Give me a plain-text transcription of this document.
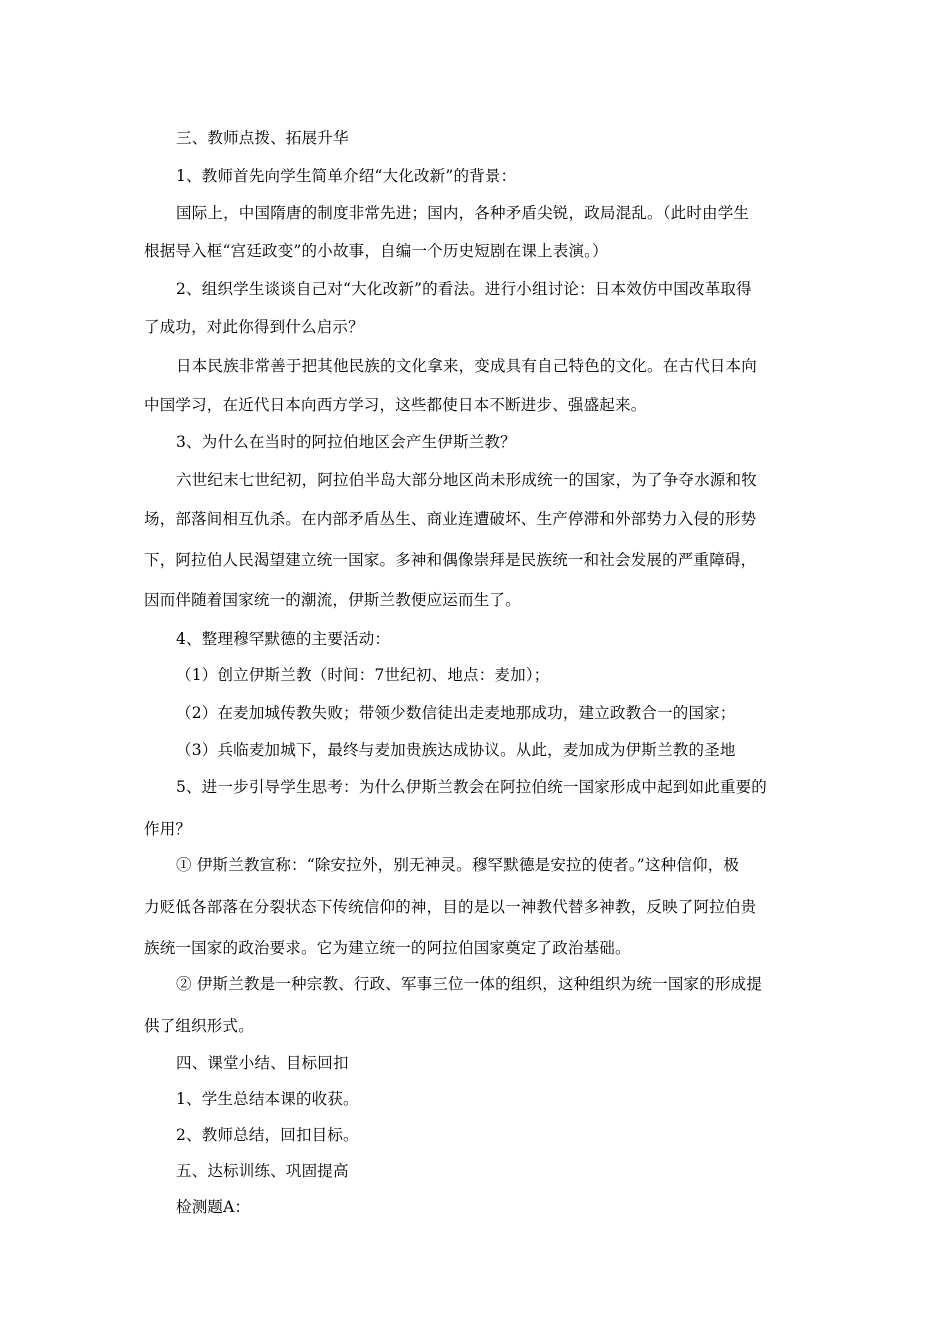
三、教师点拨、拓展升华
1、教师首先向学生简单介绍“大化改新”的背景：
国际上，中国隋唐的制度非常先进；国内，各种矛盾尖锐，政局混乱。（此时由学生
根据导入框“宫廷政变”的小故事，自编一个历史短剧在课上表演。）
2、组织学生谈谈自己对“大化改新”的看法。进行小组讨论：日本效仿中国改革取得
了成功，对此你得到什么启示？
日本民族非常善于把其他民族的文化拿来，变成具有自己特色的文化。在古代日本向
中国学习，在近代日本向西方学习，这些都使日本不断进步、强盛起来。
3、为什么在当时的阿拉伯地区会产生伊斯兰教？
六世纪末七世纪初，阿拉伯半岛大部分地区尚未形成统一的国家，为了争夺水源和牧
场，部落间相互仇杀。在内部矛盾丛生、商业连遭破坏、生产停滞和外部势力入侵的形势
下，阿拉伯人民渴望建立统一国家。多神和偶像崇拜是民族统一和社会发展的严重障碍，
因而伴随着国家统一的潮流，伊斯兰教便应运而生了。
4、整理穆罕默德的主要活动：
（1）创立伊斯兰教（时间：7世纪初、地点：麦加）；
（2）在麦加城传教失败；带领少数信徒出走麦地那成功，建立政教合一的国家；
（3）兵临麦加城下，最终与麦加贵族达成协议。从此，麦加成为伊斯兰教的圣地
5、进一步引导学生思考：为什么伊斯兰教会在阿拉伯统一国家形成中起到如此重要的
作用？
① 伊斯兰教宣称：“除安拉外，别无神灵。穆罕默德是安拉的使者。”这种信仰，极
力贬低各部落在分裂状态下传统信仰的神，目的是以一神教代替多神教，反映了阿拉伯贵
族统一国家的政治要求。它为建立统一的阿拉伯国家奠定了政治基础。
② 伊斯兰教是一种宗教、行政、军事三位一体的组织，这种组织为统一国家的形成提
供了组织形式。
四、课堂小结、目标回扣
1、学生总结本课的收获。
2、教师总结，回扣目标。
五、达标训练、巩固提高
检测题A：
